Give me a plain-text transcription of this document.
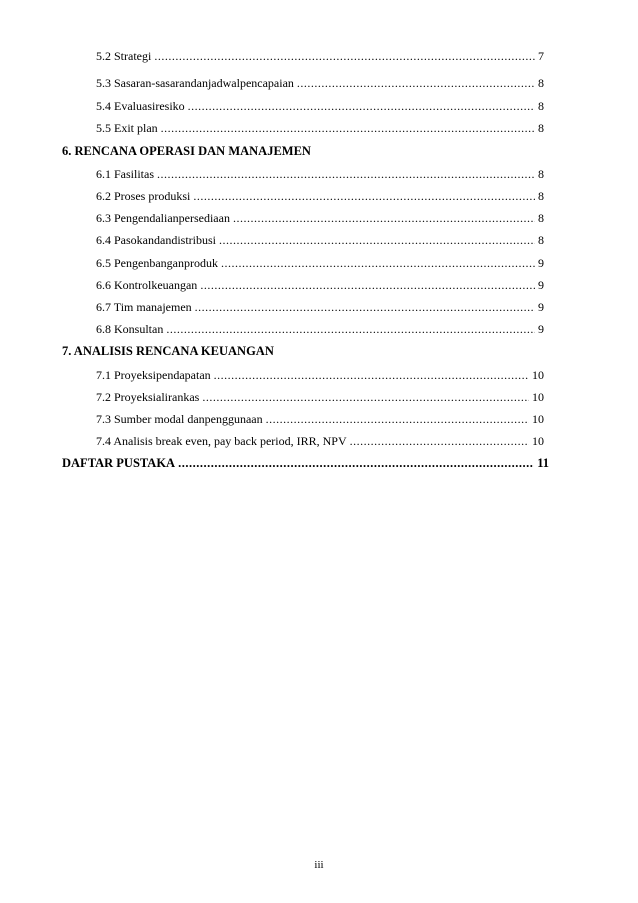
5.2 Strategi .....	7
5.3 Sasaran-sasarandanjadwalpencapaian .....	8
5.4 Evaluasiresiko .....	8
5.5 Exit plan .....	8
6. RENCANA OPERASI DAN MANAJEMEN
6.1 Fasilitas .....	8
6.2 Proses produksi .....	8
6.3 Pengendalianpersediaan .....	8
6.4 Pasokandandistribusi .....	8
6.5 Pengenbanganproduk .....	9
6.6 Kontrolkeuangan .....	9
6.7 Tim manajemen .....	9
6.8 Konsultan .....	9
7. ANALISIS RENCANA KEUANGAN
7.1 Proyeksipendapatan .....	10
7.2 Proyeksialirankas .....	10
7.3 Sumber modal danpenggunaan .....	10
7.4 Analisis break even, pay back period, IRR, NPV .....	10
DAFTAR PUSTAKA .....	11
iii
